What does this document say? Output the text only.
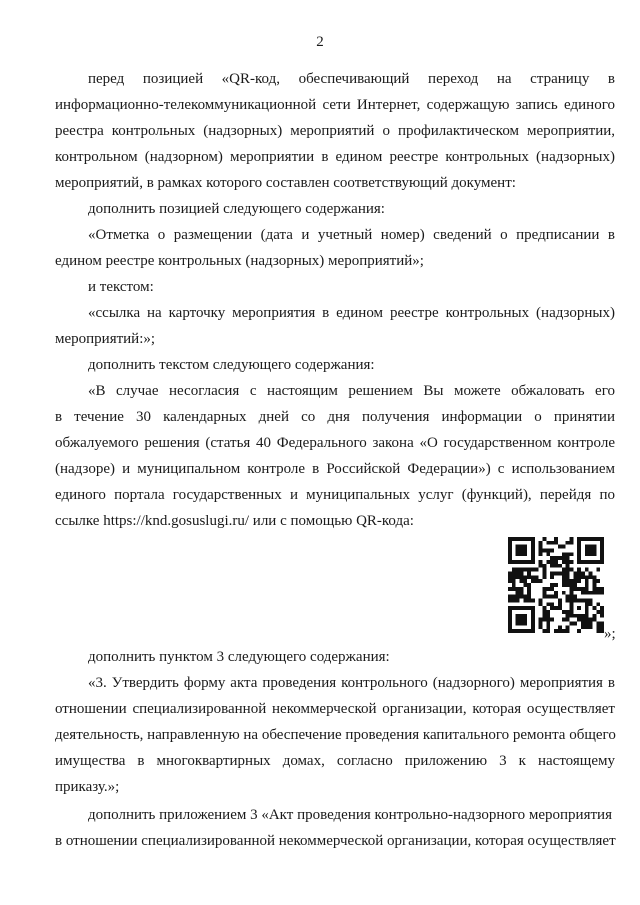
2
перед позицией «QR-код, обеспечивающий переход на страницу в
информационно-телекоммуникационной сети Интернет, содержащую запись единого
реестра контрольных (надзорных) мероприятий о профилактическом мероприятии,
контрольном (надзорном) мероприятии в едином реестре контрольных (надзорных)
мероприятий, в рамках которого составлен соответствующий документ:
дополнить позицией следующего содержания:
«Отметка о размещении (дата и учетный номер) сведений о предписании в
едином реестре контрольных (надзорных) мероприятий»;
и текстом:
«ссылка на карточку мероприятия в едином реестре контрольных (надзорных)
мероприятий:»;
дополнить текстом следующего содержания:
«В случае несогласия с настоящим решением Вы можете обжаловать его
в течение 30 календарных дней со дня получения информации о принятии
обжалуемого решения (статья 40 Федерального закона «О государственном контроле
(надзоре) и муниципальном контроле в Российской Федерации») с использованием
единого портала государственных и муниципальных услуг (функций), перейдя по
ссылке https://knd.gosuslugi.ru/ или с помощью QR-кода:
»;
дополнить пунктом 3 следующего содержания:
«3. Утвердить форму акта проведения контрольного (надзорного) мероприятия в
отношении специализированной некоммерческой организации, которая осуществляет
деятельность, направленную на обеспечение проведения капитального ремонта общего
имущества в многоквартирных домах, согласно приложению 3 к настоящему
приказу.»;
дополнить приложением 3 «Акт проведения контрольно-надзорного мероприятия
в отношении специализированной некоммерческой организации, которая осуществляет
